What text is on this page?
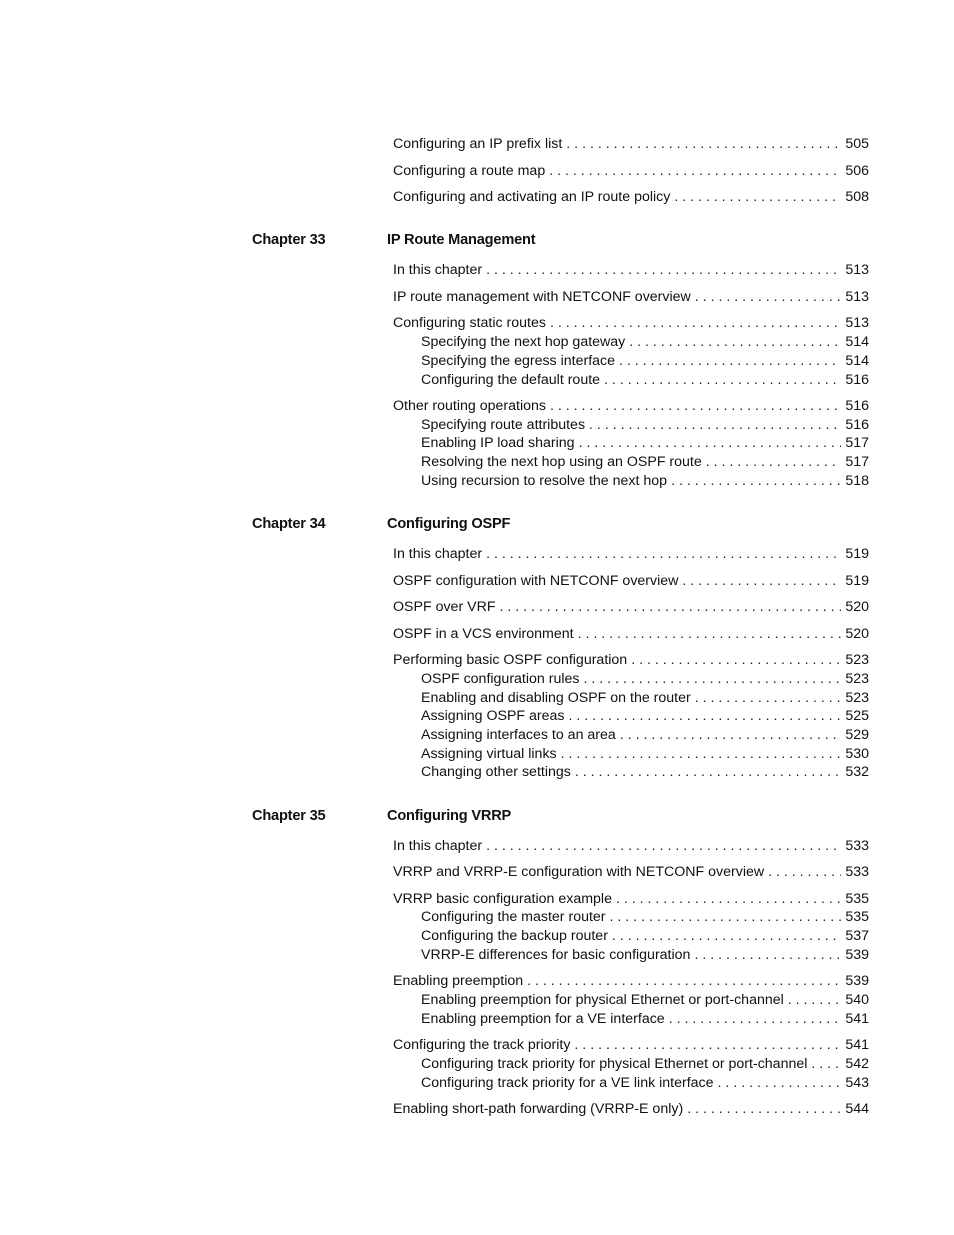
Configuring an IP prefix list . . .	505
Configuring a route map . . .	506
Configuring and activating an IP route policy . . .	508
Chapter 33	IP Route Management
In this chapter . . .	513
IP route management with NETCONF overview . . .	513
Configuring static routes . . .	513
Specifying the next hop gateway . . .	514
Specifying the egress interface . . .	514
Configuring the default route . . .	516
Other routing operations . . .	516
Specifying route attributes . . .	516
Enabling IP load sharing . . .	517
Resolving the next hop using an OSPF route . . .	517
Using recursion to resolve the next hop . . .	518
Chapter 34	Configuring OSPF
In this chapter . . .	519
OSPF configuration with NETCONF overview . . .	519
OSPF over VRF . . .	520
OSPF in a VCS environment . . .	520
Performing basic OSPF configuration . . .	523
OSPF configuration rules . . .	523
Enabling and disabling OSPF on the router . . .	523
Assigning OSPF areas . . .	525
Assigning interfaces to an area . . .	529
Assigning virtual links . . .	530
Changing other settings . . .	532
Chapter 35	Configuring VRRP
In this chapter . . .	533
VRRP and VRRP-E configuration with NETCONF overview . . .	533
VRRP basic configuration example . . .	535
Configuring the master router . . .	535
Configuring the backup router . . .	537
VRRP-E differences for basic configuration . . .	539
Enabling preemption . . .	539
Enabling preemption for physical Ethernet or port-channel . . .	540
Enabling preemption for a VE interface . . .	541
Configuring the track priority . . .	541
Configuring track priority for physical Ethernet or port-channel . . .	542
Configuring track priority for a VE link interface . . .	543
Enabling short-path forwarding (VRRP-E only) . . .	544
